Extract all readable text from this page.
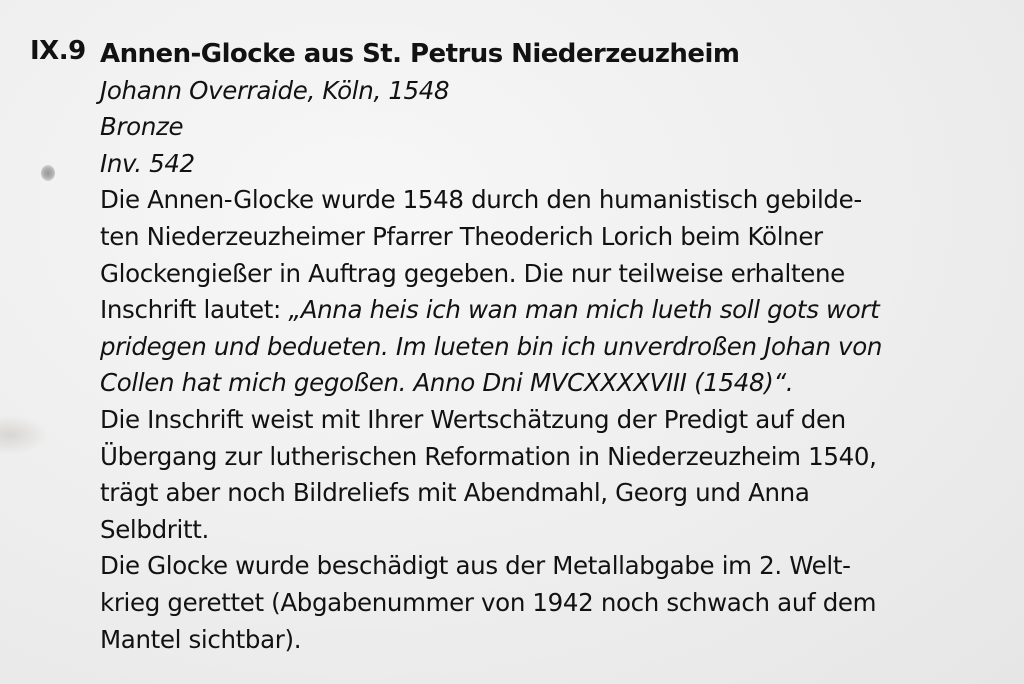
IX.9 Annen-Glocke aus St. Petrus Niederzeuzheim
Johann Overraide, Köln, 1548
Bronze
Inv. 542
Die Annen-Glocke wurde 1548 durch den humanistisch gebilde-
ten Niederzeuzheimer Pfarrer Theoderich Lorich beim Kölner
Glockengießer in Auftrag gegeben. Die nur teilweise erhaltene
Inschrift lautet: „Anna heis ich wan man mich lueth soll gots wort
pridegen und bedueten. Im lueten bin ich unverdroßen Johan von
Collen hat mich gegoßen. Anno Dni MVCXXXXVIII (1548)“.
Die Inschrift weist mit Ihrer Wertschätzung der Predigt auf den
Übergang zur lutherischen Reformation in Niederzeuzheim 1540,
trägt aber noch Bildreliefs mit Abendmahl, Georg und Anna
Selbdritt.
Die Glocke wurde beschädigt aus der Metallabgabe im 2. Welt-
krieg gerettet (Abgabenummer von 1942 noch schwach auf dem
Mantel sichtbar).
